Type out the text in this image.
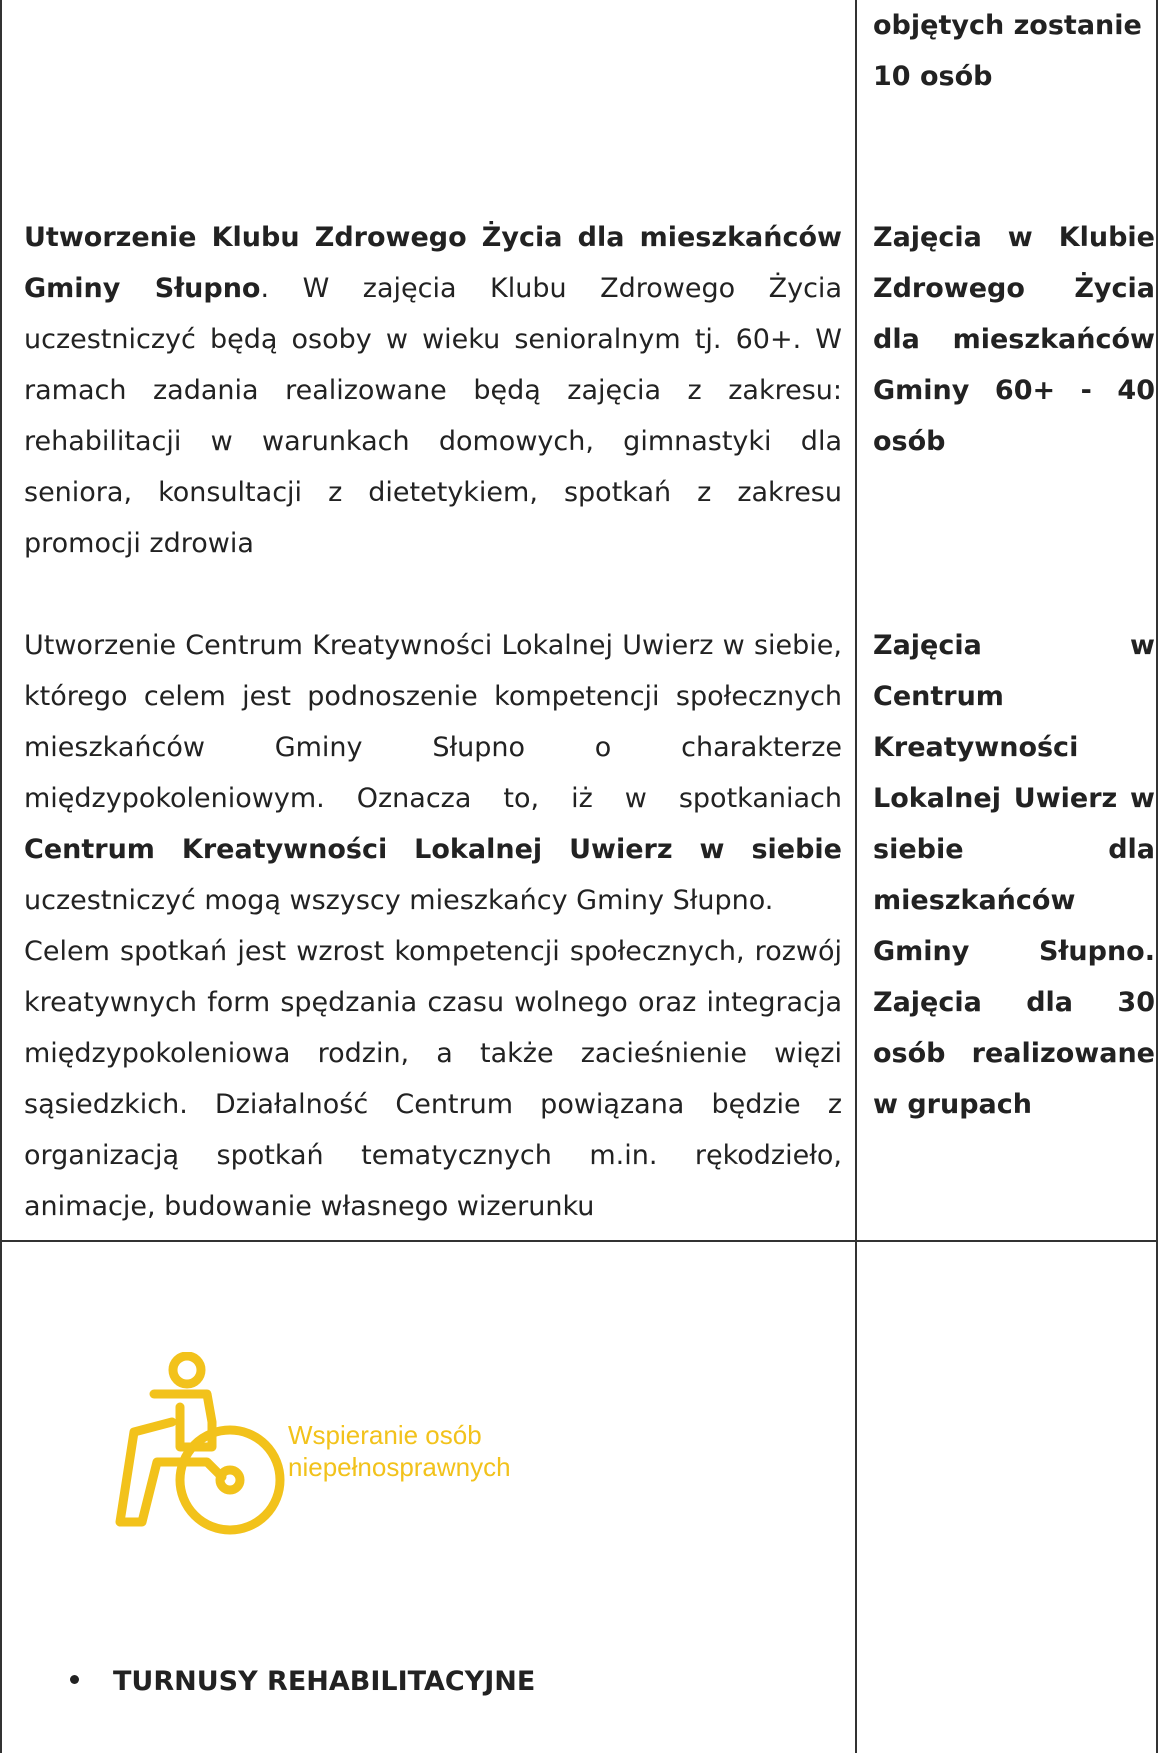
objętych zostanie

10 osób

Utworzenie Klubu Zdrowego Życia dla mieszkańców Gminy Słupno. W zajęcia Klubu Zdrowego Życia uczestniczyć będą osoby w wieku senioralnym tj. 60+. W ramach zadania realizowane będą zajęcia z zakresu: rehabilitacji w warunkach domowych, gimnastyki dla seniora, konsultacji z dietetykiem, spotkań z zakresu promocji zdrowia

Zajęcia w Klubie Zdrowego Życia dla mieszkańców Gminy 60+ - 40 osób

Utworzenie Centrum Kreatywności Lokalnej Uwierz w siebie, którego celem jest podnoszenie kompetencji społecznych mieszkańców Gminy Słupno o charakterze międzypokoleniowym. Oznacza to, iż w spotkaniach Centrum Kreatywności Lokalnej Uwierz w siebie uczestniczyć mogą wszyscy mieszkańcy Gminy Słupno.

Celem spotkań jest wzrost kompetencji społecznych, rozwój kreatywnych form spędzania czasu wolnego oraz integracja międzypokoleniowa rodzin, a także zacieśnienie więzi sąsiedzkich. Działalność Centrum powiązana będzie z organizacją spotkań tematycznych m.in. rękodzieło, animacje, budowanie własnego wizerunku

Zajęcia w Centrum Kreatywności Lokalnej Uwierz w siebie dla mieszkańców Gminy Słupno. Zajęcia dla 30 osób realizowane w grupach

Wspieranie osób
niepełnosprawnych
TURNUSY REHABILITACYJNE
